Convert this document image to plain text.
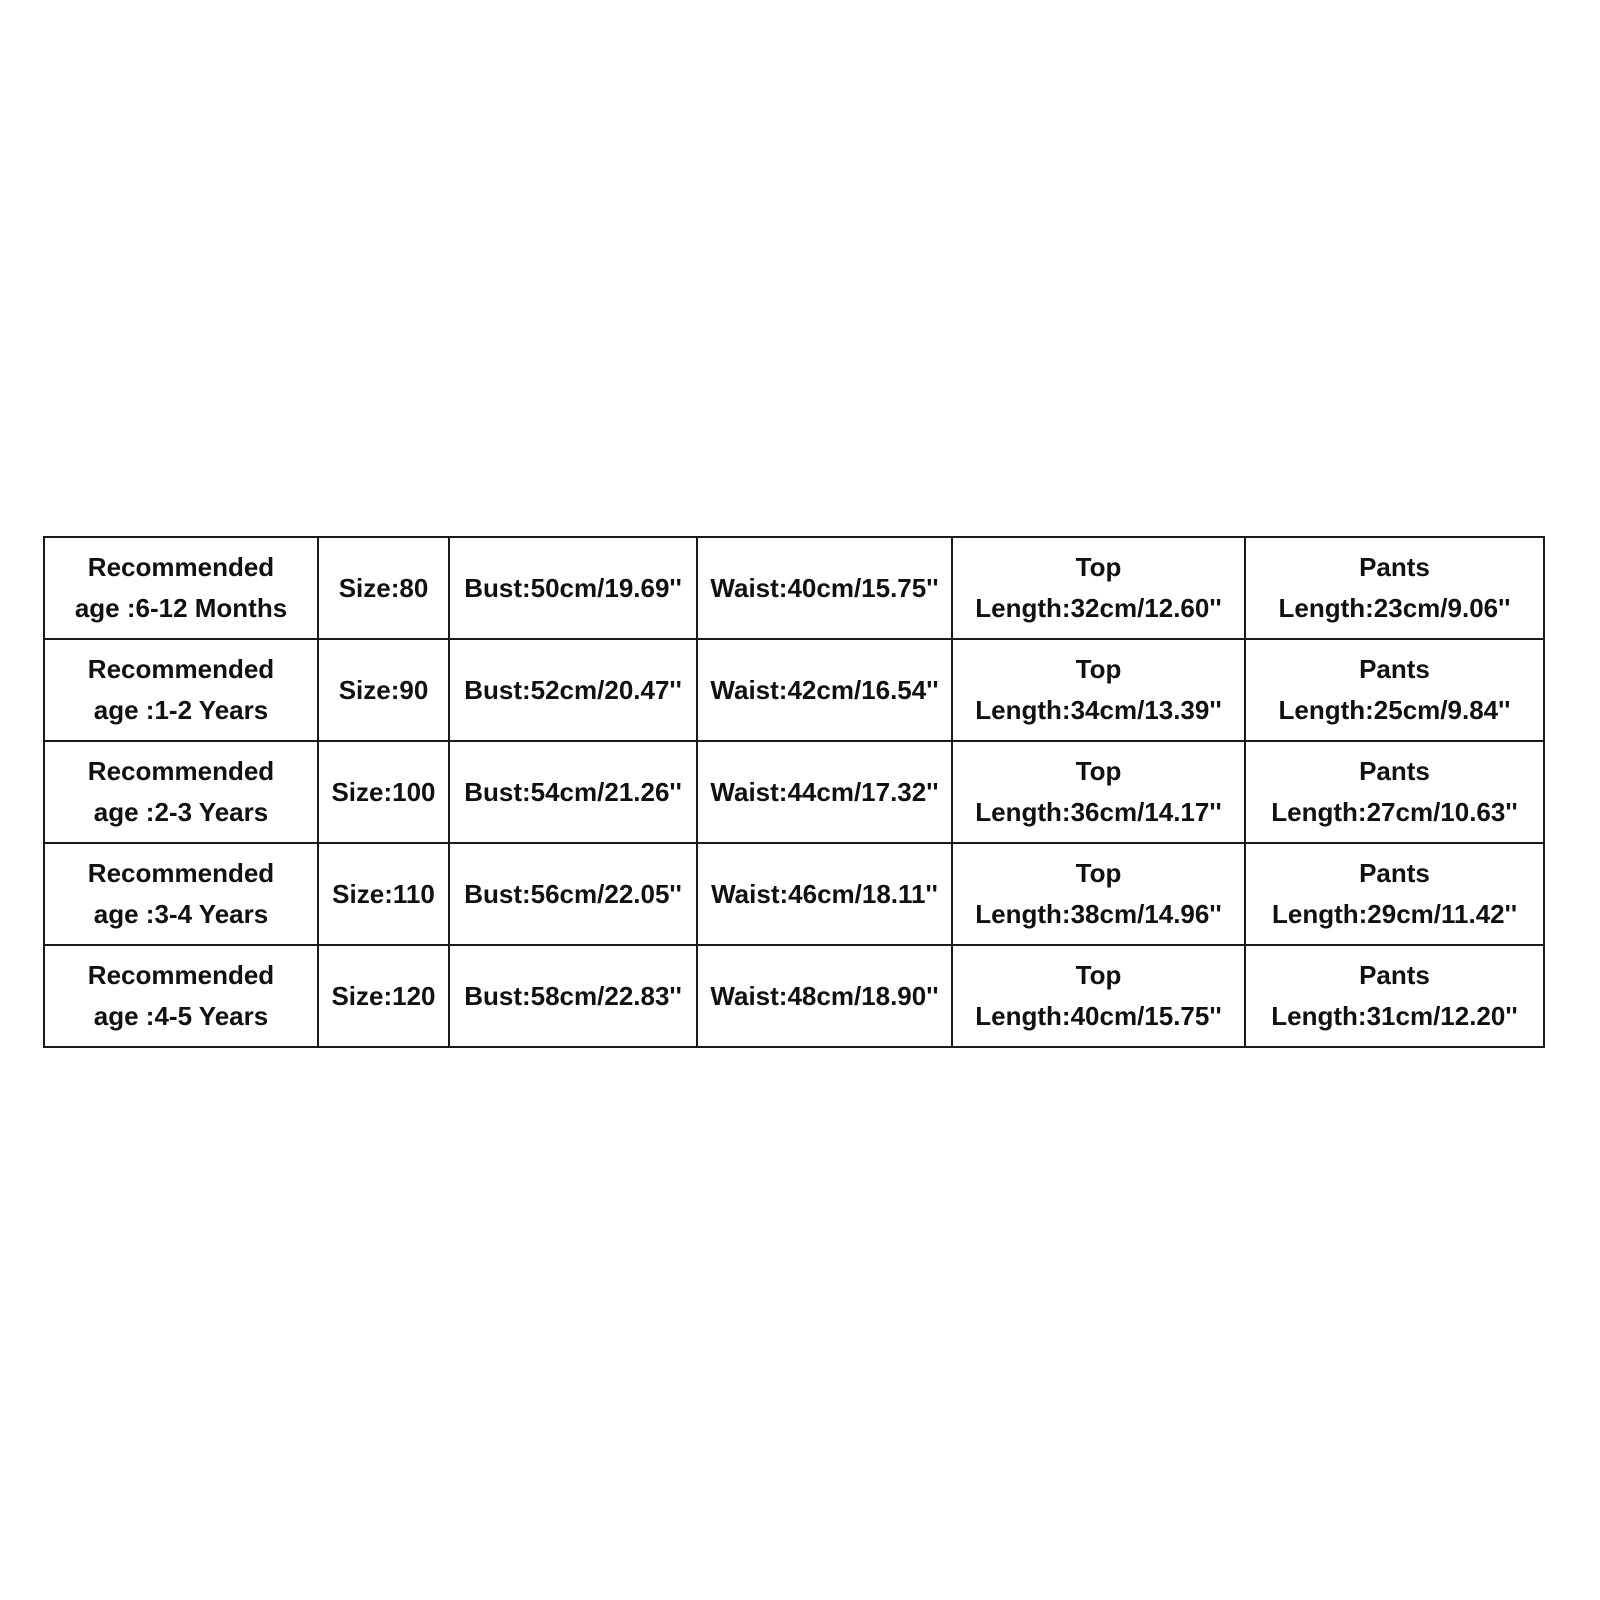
Recommended
age :6-12 Months	Size:80	Bust:50cm/19.69''	Waist:40cm/15.75''	Top
Length:32cm/12.60''	Pants
Length:23cm/9.06''

Recommended
age :1-2 Years	Size:90	Bust:52cm/20.47''	Waist:42cm/16.54''	Top
Length:34cm/13.39''	Pants
Length:25cm/9.84''

Recommended
age :2-3 Years	Size:100	Bust:54cm/21.26''	Waist:44cm/17.32''	Top
Length:36cm/14.17''	Pants
Length:27cm/10.63''

Recommended
age :3-4 Years	Size:110	Bust:56cm/22.05''	Waist:46cm/18.11''	Top
Length:38cm/14.96''	Pants
Length:29cm/11.42''

Recommended
age :4-5 Years	Size:120	Bust:58cm/22.83''	Waist:48cm/18.90''	Top
Length:40cm/15.75''	Pants
Length:31cm/12.20''
